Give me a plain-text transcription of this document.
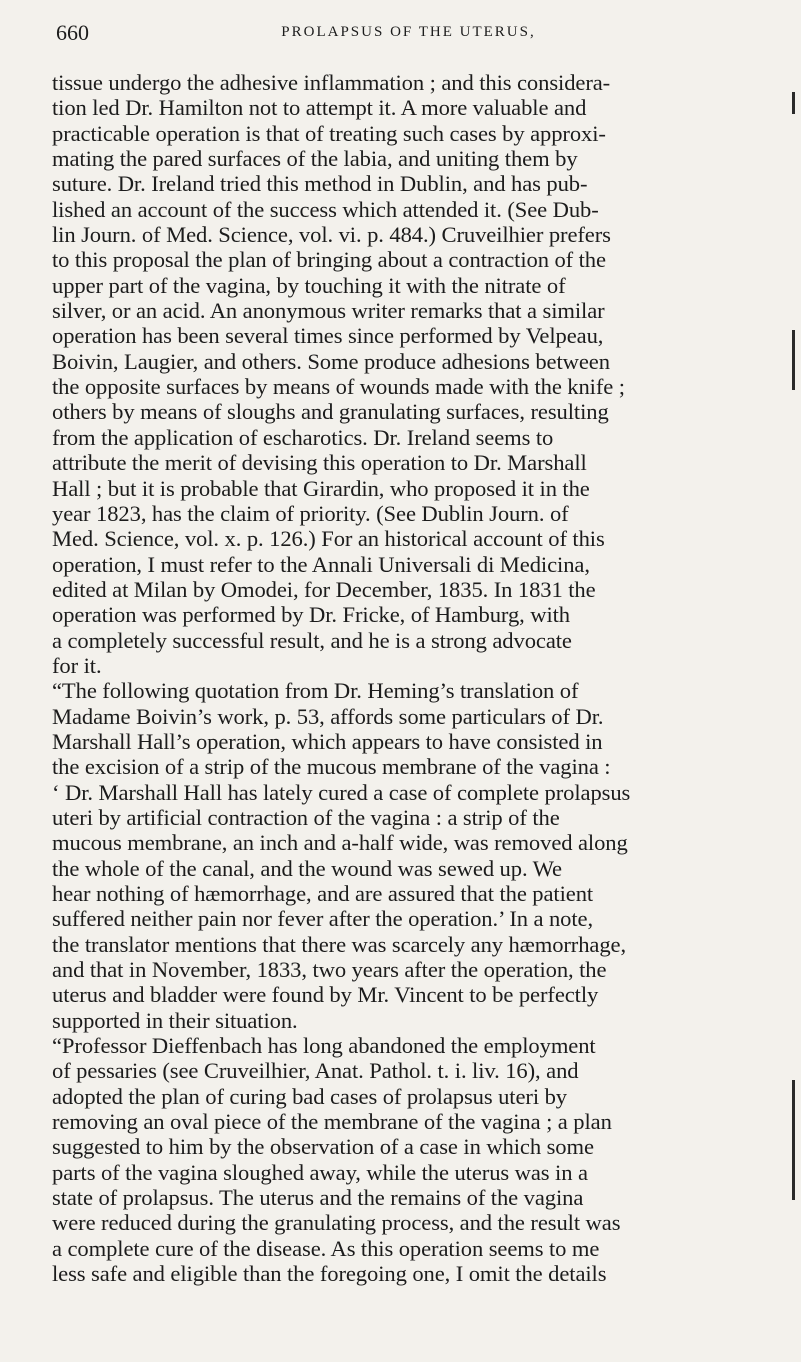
660	PROLAPSUS OF THE UTERUS,
tissue undergo the adhesive inflammation ; and this considera-
tion led Dr. Hamilton not to attempt it. A more valuable and
practicable operation is that of treating such cases by approxi-
mating the pared surfaces of the labia, and uniting them by
suture. Dr. Ireland tried this method in Dublin, and has pub-
lished an account of the success which attended it. (See Dub-
lin Journ. of Med. Science, vol. vi. p. 484.) Cruveilhier prefers
to this proposal the plan of bringing about a contraction of the
upper part of the vagina, by touching it with the nitrate of
silver, or an acid. An anonymous writer remarks that a similar
operation has been several times since performed by Velpeau,
Boivin, Laugier, and others. Some produce adhesions between
the opposite surfaces by means of wounds made with the knife ;
others by means of sloughs and granulating surfaces, resulting
from the application of escharotics. Dr. Ireland seems to
attribute the merit of devising this operation to Dr. Marshall
Hall ; but it is probable that Girardin, who proposed it in the
year 1823, has the claim of priority. (See Dublin Journ. of
Med. Science, vol. x. p. 126.) For an historical account of this
operation, I must refer to the Annali Universali di Medicina,
edited at Milan by Omodei, for December, 1835. In 1831 the
operation was performed by Dr. Fricke, of Hamburg, with
a completely successful result, and he is a strong advocate
for it.
“The following quotation from Dr. Heming’s translation of
Madame Boivin’s work, p. 53, affords some particulars of Dr.
Marshall Hall’s operation, which appears to have consisted in
the excision of a strip of the mucous membrane of the vagina :
‘ Dr. Marshall Hall has lately cured a case of complete prolapsus
uteri by artificial contraction of the vagina : a strip of the
mucous membrane, an inch and a-half wide, was removed along
the whole of the canal, and the wound was sewed up. We
hear nothing of hæmorrhage, and are assured that the patient
suffered neither pain nor fever after the operation.’ In a note,
the translator mentions that there was scarcely any hæmorrhage,
and that in November, 1833, two years after the operation, the
uterus and bladder were found by Mr. Vincent to be perfectly
supported in their situation.
“Professor Dieffenbach has long abandoned the employment
of pessaries (see Cruveilhier, Anat. Pathol. t. i. liv. 16), and
adopted the plan of curing bad cases of prolapsus uteri by
removing an oval piece of the membrane of the vagina ; a plan
suggested to him by the observation of a case in which some
parts of the vagina sloughed away, while the uterus was in a
state of prolapsus. The uterus and the remains of the vagina
were reduced during the granulating process, and the result was
a complete cure of the disease. As this operation seems to me
less safe and eligible than the foregoing one, I omit the details
